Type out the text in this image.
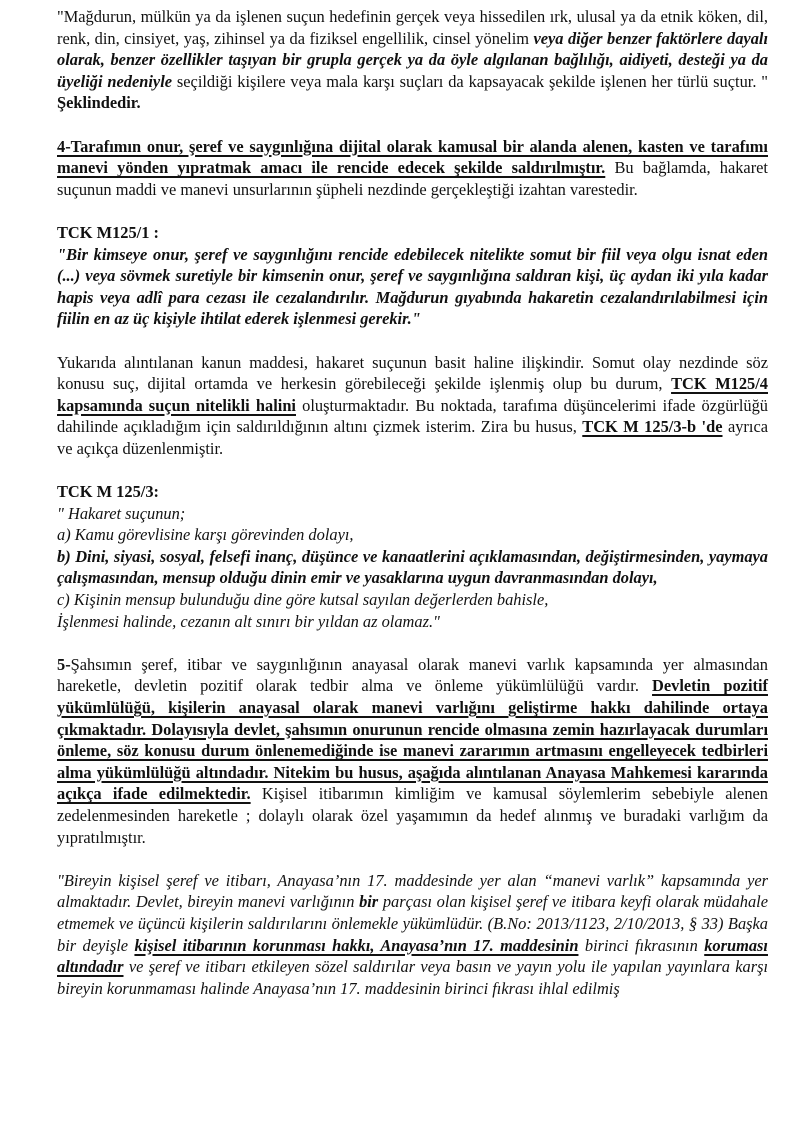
"Mağdurun, mülkün ya da işlenen suçun hedefinin gerçek veya hissedilen ırk, ulusal ya da etnik köken, dil, renk, din, cinsiyet, yaş, zihinsel ya da fiziksel engellilik, cinsel yönelim veya diğer benzer faktörlere dayalı olarak, benzer özellikler taşıyan bir grupla gerçek ya da öyle algılanan bağlılığı, aidiyeti, desteği ya da üyeliği nedeniyle seçildiği kişilere veya mala karşı suçları da kapsayacak şekilde işlenen her türlü suçtur. " Şeklindedir.

4-Tarafımın onur, şeref ve saygınlığına dijital olarak kamusal bir alanda alenen, kasten ve tarafımı manevi yönden yıpratmak amacı ile rencide edecek şekilde saldırılmıştır. Bu bağlamda, hakaret suçunun maddi ve manevi unsurlarının şüpheli nezdinde gerçekleştiği izahtan varestedir.

TCK M125/1 :

"Bir kimseye onur, şeref ve saygınlığını rencide edebilecek nitelikte somut bir fiil veya olgu isnat eden (...) veya sövmek suretiyle bir kimsenin onur, şeref ve saygınlığına saldıran kişi, üç aydan iki yıla kadar hapis veya adlî para cezası ile cezalandırılır. Mağdurun gıyabında hakaretin cezalandırılabilmesi için fiilin en az üç kişiyle ihtilat ederek işlenmesi gerekir."

Yukarıda alıntılanan kanun maddesi, hakaret suçunun basit haline ilişkindir. Somut olay nezdinde söz konusu suç, dijital ortamda ve herkesin görebileceği şekilde işlenmiş olup bu durum, TCK M125/4 kapsamında suçun nitelikli halini oluşturmaktadır. Bu noktada, tarafıma düşüncelerimi ifade özgürlüğü dahilinde açıkladığım için saldırıldığının altını çizmek isterim. Zira bu husus, TCK M 125/3-b 'de ayrıca ve açıkça düzenlenmiştir.

TCK M 125/3:

" Hakaret suçunun;

a) Kamu görevlisine karşı görevinden dolayı,

b) Dini, siyasi, sosyal, felsefi inanç, düşünce ve kanaatlerini açıklamasından, değiştirmesinden, yaymaya çalışmasından, mensup olduğu dinin emir ve yasaklarına uygun davranmasından dolayı,

c) Kişinin mensup bulunduğu dine göre kutsal sayılan değerlerden bahisle,

İşlenmesi halinde, cezanın alt sınırı bir yıldan az olamaz."

5-Şahsımın şeref, itibar ve saygınlığının anayasal olarak manevi varlık kapsamında yer almasından hareketle, devletin pozitif olarak tedbir alma ve önleme yükümlülüğü vardır. Devletin pozitif yükümlülüğü, kişilerin anayasal olarak manevi varlığını geliştirme hakkı dahilinde ortaya çıkmaktadır. Dolayısıyla devlet, şahsımın onurunun rencide olmasına zemin hazırlayacak durumları önleme, söz konusu durum önlenemediğinde ise manevi zararımın artmasını engelleyecek tedbirleri alma yükümlülüğü altındadır. Nitekim bu husus, aşağıda alıntılanan Anayasa Mahkemesi kararında açıkça ifade edilmektedir. Kişisel itibarımın kimliğim ve kamusal söylemlerim sebebiyle alenen zedelenmesinden hareketle ; dolaylı olarak özel yaşamımın da hedef alınmış ve buradaki varlığım da yıpratılmıştır.

"Bireyin kişisel şeref ve itibarı, Anayasa’nın 17. maddesinde yer alan “manevi varlık” kapsamında yer almaktadır. Devlet, bireyin manevi varlığının bir parçası olan kişisel şeref ve itibara keyfi olarak müdahale etmemek ve üçüncü kişilerin saldırılarını önlemekle yükümlüdür. (B.No: 2013/1123, 2/10/2013, § 33) Başka bir deyişle kişisel itibarının korunması hakkı, Anayasa’nın 17. maddesinin birinci fıkrasının koruması altındadır ve şeref ve itibarı etkileyen sözel saldırılar veya basın ve yayın yolu ile yapılan yayınlara karşı bireyin korunmaması halinde Anayasa’nın 17. maddesinin birinci fıkrası ihlal edilmiş
